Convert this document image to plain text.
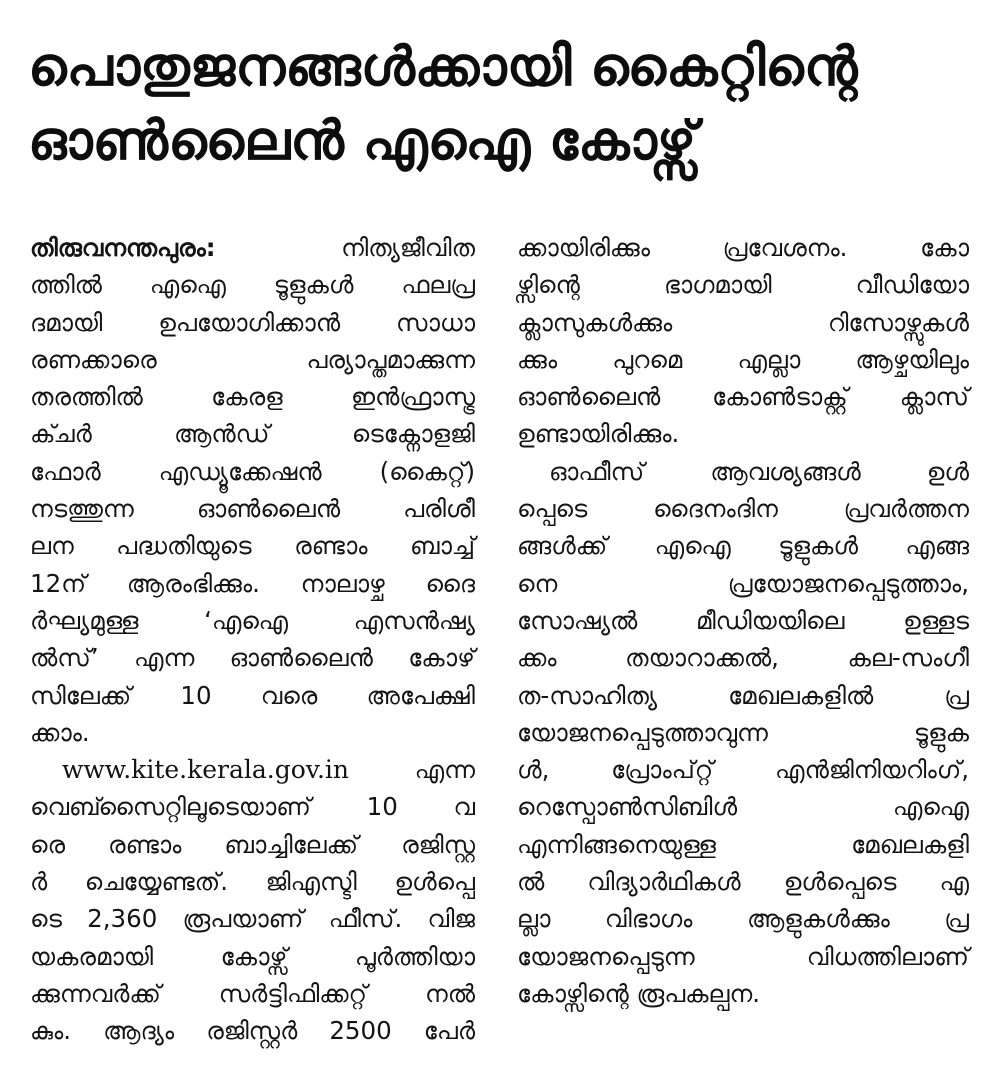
പൊതുജനങ്ങൾക്കായി കൈറ്റിന്റെ
ഓൺലൈൻ എഐ കോഴ്സ്
തിരുവനന്തപുരം: നിത്യജീവിത
ത്തിൽ എഐ ടൂളുകൾ ഫലപ്ര
ദമായി ഉപയോഗിക്കാൻ സാധാ
രണക്കാരെ പര്യാപ്തമാക്കുന്ന
തരത്തിൽ കേരള ഇൻഫ്രാസ്ട്ര
ക്ചർ ആൻഡ് ടെക്നോളജി
ഫോർ എഡ്യൂക്കേഷൻ (കൈറ്റ്)
നടത്തുന്ന ഓൺലൈൻ പരിശീ
ലന പദ്ധതിയുടെ രണ്ടാം ബാച്ച്
12ന് ആരംഭിക്കും. നാലാഴ്ച ദൈ
ർഘ്യമുള്ള ‘എഐ എസൻഷ്യ
ൽസ്’ എന്ന ഓൺലൈൻ കോഴ്
സിലേക്ക് 10 വരെ അപേക്ഷി
ക്കാം.
www.kite.kerala.gov.in എന്ന
വെബ്സൈറ്റിലൂടെയാണ് 10 വ
രെ രണ്ടാം ബാച്ചിലേക്ക് രജിസ്റ്റ
ർ ചെയ്യേണ്ടത്. ജിഎസ്ടി ഉൾപ്പെ
ടെ 2,360 രൂപയാണ് ഫീസ്. വിജ
യകരമായി കോഴ്സ് പൂർത്തിയാ
ക്കുന്നവർക്ക് സർട്ടിഫിക്കറ്റ് നൽ
കും. ആദ്യം രജിസ്റ്റർ 2500 പേർ
ക്കായിരിക്കും പ്രവേശനം. കോ
ഴ്സിന്റെ ഭാഗമായി വീഡിയോ
ക്ലാസുകൾക്കും റിസോഴ്സുകൾ
ക്കും പുറമെ എല്ലാ ആഴ്ചയിലും
ഓൺലൈൻ കോൺടാക്റ്റ് ക്ലാസ്
ഉണ്ടായിരിക്കും.
ഓഫീസ് ആവശ്യങ്ങൾ ഉൾ
പ്പെടെ ദൈനംദിന പ്രവർത്തന
ങ്ങൾക്ക് എഐ ടൂളുകൾ എങ്ങ
നെ പ്രയോജനപ്പെടുത്താം,
സോഷ്യൽ മീഡിയയിലെ ഉള്ളട
ക്കം തയാറാക്കൽ, കല-സംഗീ
ത-സാഹിത്യ മേഖലകളിൽ പ്ര
യോജനപ്പെടുത്താവുന്ന ടൂളുക
ൾ, പ്രോംപ്റ്റ് എൻജിനിയറിംഗ്,
റെസ്പോൺസിബിൾ എഐ
എന്നിങ്ങനെയുള്ള മേഖലകളി
ൽ വിദ്യാർഥികൾ ഉൾപ്പെടെ എ
ല്ലാ വിഭാഗം ആളുകൾക്കും പ്ര
യോജനപ്പെടുന്ന വിധത്തിലാണ്
കോഴ്സിന്റെ രൂപകല്പന.
